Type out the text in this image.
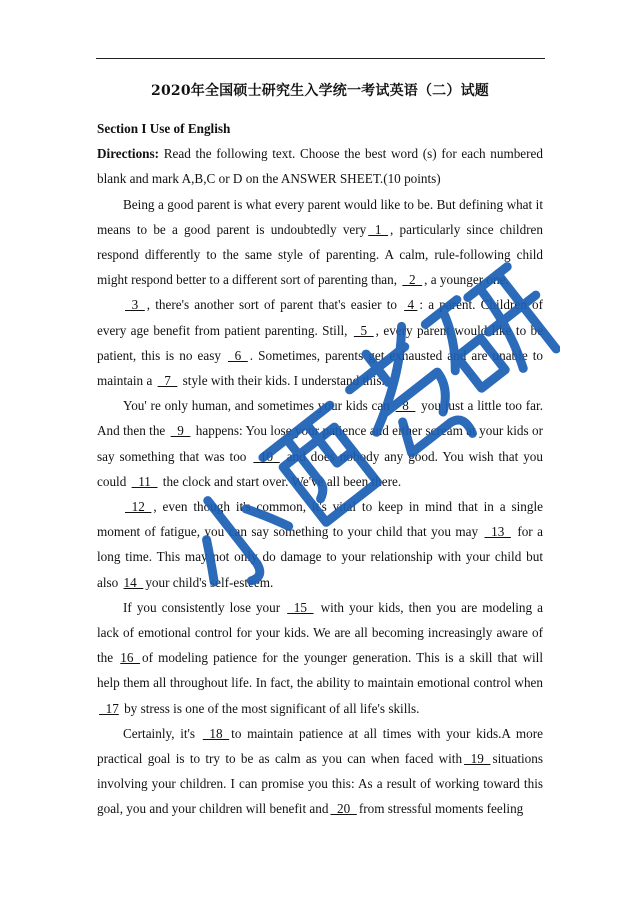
2020年全国硕士研究生入学统一考试英语（二）试题

Section I Use of English

Directions: Read the following text. Choose the best word (s) for each numbered blank and mark A,B,C or D on the ANSWER SHEET.(10 points)

Being a good parent is what every parent would like to be. But defining what it means to be a good parent is undoubtedly very  1  , particularly since children respond differently to the same style of parenting. A calm, rule-following child might respond better to a different sort of parenting than,   2  , a younger one.

3  , there's another sort of parent that's easier to  4 : a parent. Children of every age benefit from patient parenting. Still,   5  , every parent would like to be patient, this is no easy   6  . Sometimes, parents get exhausted and are unable to maintain a   7   style with their kids. I understand this.

You' re only human, and sometimes your kids can   8   you just a little too far. And then the   9   happens: You lose your patience and either scream at your kids or say something that was too   10   and does nobody any good. You wish that you could   11   the clock and start over. We've all been there.

12  , even though it's common, it's vital to keep in mind that in a single moment of fatigue, you can say something to your child that you may   13   for a long time. This may not only do damage to your relationship with your child but also 14  your child's self-esteem.

If you consistently lose your   15   with your kids, then you are modeling a lack of emotional control for your kids. We are all becoming increasingly aware of the 16  of modeling patience for the younger generation. This is a skill that will help them all throughout life. In fact, the ability to maintain emotional control when   17 by stress is one of the most significant of all life's skills.

Certainly, it's   18  to maintain patience at all times with your kids.A more practical goal is to try to be as calm as you can when faced with  19  situations involving your children. I can promise you this: As a result of working toward this goal, you and your children will benefit and  20  from stressful moments feeling
